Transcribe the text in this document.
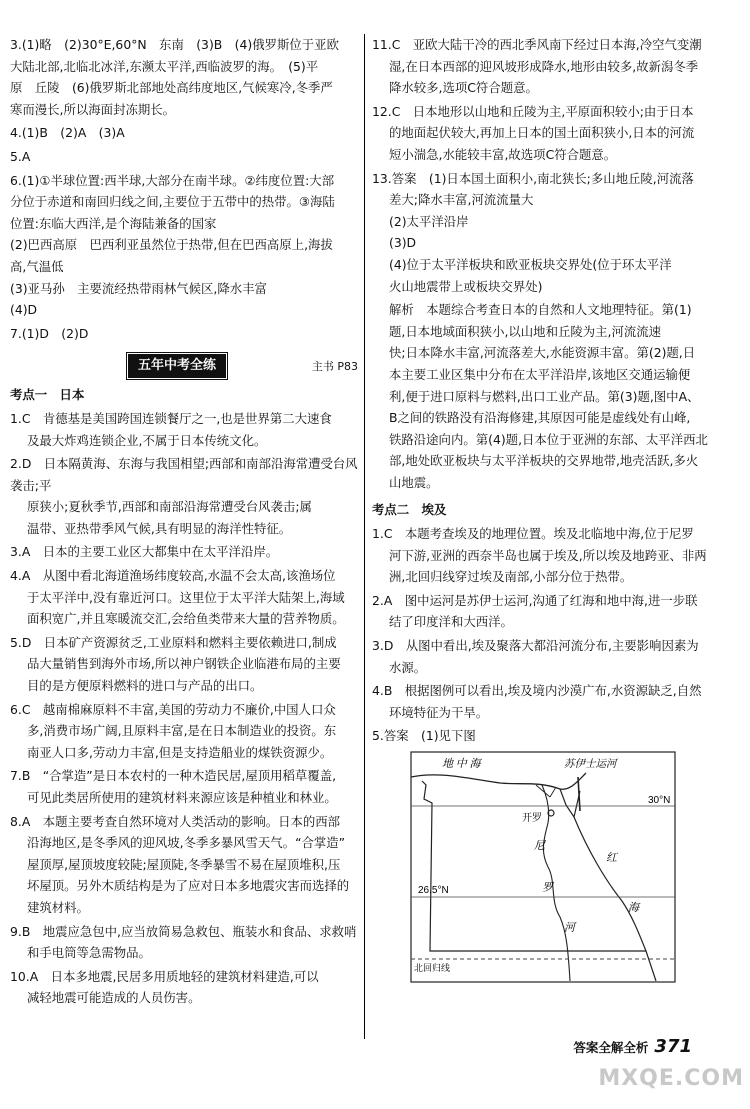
3.(1)略　(2)30°E,60°N　东南　(3)B　(4)俄罗斯位于亚欧

大陆北部,北临北冰洋,东濒太平洋,西临波罗的海。　(5)平

原　丘陵　(6)俄罗斯北部地处高纬度地区,气候寒冷,冬季严

寒而漫长,所以海面封冻期长。

4.(1)B　(2)A　(3)A

5.A

6.(1)①半球位置:西半球,大部分在南半球。②纬度位置:大部

分位于赤道和南回归线之间,主要位于五带中的热带。③海陆

位置:东临大西洋,是个海陆兼备的国家

(2)巴西高原　巴西利亚虽然位于热带,但在巴西高原上,海拔

高,气温低

(3)亚马孙　主要流经热带雨林气候区,降水丰富

(4)D

7.(1)D　(2)D

五年中考全练	主书 P83
考点一　日本

1.C　肯德基是美国跨国连锁餐厅之一,也是世界第二大速食

及最大炸鸡连锁企业,不属于日本传统文化。

2.D　日本隔黄海、东海与我国相望;西部和南部沿海常遭受台风袭击;平

原狭小;夏秋季节,西部和南部沿海常遭受台风袭击;属

温带、亚热带季风气候,具有明显的海洋性特征。

3.A　日本的主要工业区大都集中在太平洋沿岸。

4.A　从图中看北海道渔场纬度较高,水温不会太高,该渔场位

于太平洋中,没有靠近河口。这里位于太平洋大陆架上,海域

面积宽广,并且寒暖流交汇,会给鱼类带来大量的营养物质。

5.D　日本矿产资源贫乏,工业原料和燃料主要依赖进口,制成

品大量销售到海外市场,所以神户钢铁企业临港布局的主要

目的是方便原料燃料的进口与产品的出口。

6.C　越南棉麻原料不丰富,美国的劳动力不廉价,中国人口众

多,消费市场广阔,且原料丰富,是在日本制造业的投资。东

南亚人口多,劳动力丰富,但是支持造船业的煤铁资源少。

7.B　“合掌造”是日本农村的一种木造民居,屋顶用稻草覆盖,

可见此类居所使用的建筑材料来源应该是种植业和林业。

8.A　本题主要考查自然环境对人类活动的影响。日本的西部

沿海地区,是冬季风的迎风坡,冬季多暴风雪天气。“合掌造”

屋顶厚,屋顶坡度较陡;屋顶陡,冬季暴雪不易在屋顶堆积,压

坏屋顶。另外木质结构是为了应对日本多地震灾害而选择的

建筑材料。

9.B　地震应急包中,应当放简易急救包、瓶装水和食品、求救哨

和手电筒等急需物品。

10.A　日本多地震,民居多用质地轻的建筑材料建造,可以

减轻地震可能造成的人员伤害。

11.C　亚欧大陆干冷的西北季风南下经过日本海,冷空气变潮

湿,在日本西部的迎风坡形成降水,地形由较多,故新潟冬季

降水较多,选项C符合题意。

12.C　日本地形以山地和丘陵为主,平原面积较小;由于日本

的地面起伏较大,再加上日本的国土面积狭小,日本的河流

短小湍急,水能较丰富,故选项C符合题意。

13.答案　(1)日本国土面积小,南北狭长;多山地丘陵,河流落

差大;降水丰富,河流流量大

(2)太平洋沿岸

(3)D

(4)位于太平洋板块和欧亚板块交界处(位于环太平洋

火山地震带上或板块交界处)

解析　本题综合考查日本的自然和人文地理特征。第(1)

题,日本地域面积狭小,以山地和丘陵为主,河流流速

快;日本降水丰富,河流落差大,水能资源丰富。第(2)题,日

本主要工业区集中分布在太平洋沿岸,该地区交通运输便

利,便于进口原料与燃料,出口工业产品。第(3)题,图中A、

B之间的铁路没有沿海修建,其原因可能是虚线处有山峰,

铁路沿途向内。第(4)题,日本位于亚洲的东部、太平洋西北

部,地处欧亚板块与太平洋板块的交界地带,地壳活跃,多火

山地震。

考点二　埃及

1.C　本题考查埃及的地理位置。埃及北临地中海,位于尼罗

河下游,亚洲的西奈半岛也属于埃及,所以埃及地跨亚、非两

洲,北回归线穿过埃及南部,小部分位于热带。

2.A　图中运河是苏伊士运河,沟通了红海和地中海,进一步联

结了印度洋和大西洋。

3.D　从图中看出,埃及聚落大都沿河流分布,主要影响因素为

水源。

4.B　根据图例可以看出,埃及境内沙漠广布,水资源缺乏,自然

环境特征为干旱。

5.答案　(1)见下图

地 中 海	苏伊士运河
30°N
开罗
尼
罗
河
红
海
26.5°N
北回归线
答案全解全析 371
MXQE.COM
